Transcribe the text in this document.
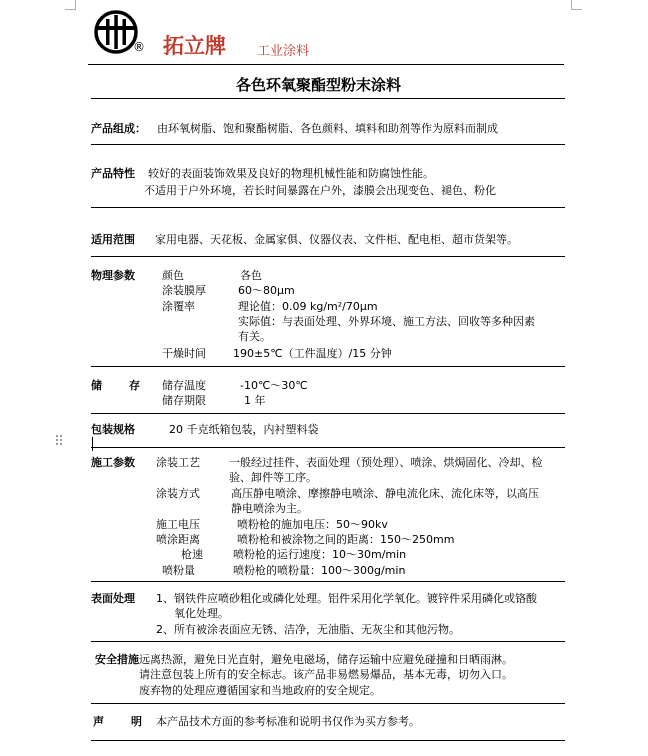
® 拓立牌 工业涂料
各色环氧聚酯型粉末涂料
产品组成： 由环氧树脂、饱和聚酯树脂、各色颜料、填料和助剂等作为原料而制成
产品特性 较好的表面装饰效果及良好的物理机械性能和防腐蚀性能。
不适用于户外环境，若长时间暴露在户外，漆膜会出现变色、褪色、粉化
适用范围 家用电器、天花板、金属家俱、仪器仪表、文件柜、配电柜、超市货架等。
物理参数 颜色	各色
涂装膜厚	60～80μm
涂覆率	理论值：0.09 kg/m²/70μm
实际值：与表面处理、外界环境、施工方法、回收等多种因素
有关。
干燥时间 190±5℃（工件温度）/15 分钟
储　存 储存温度	-10℃～30℃
储存期限	1 年
包装规格	20 千克纸箱包装，内衬塑料袋
⠿
施工参数 涂装工艺	一般经过挂件、表面处理（预处理）、喷涂、烘焗固化、冷却、检
验、卸件等工序。
涂装方式	高压静电喷涂、摩擦静电喷涂、静电流化床、流化床等，以高压
静电喷涂为主。
施工电压	喷粉枪的施加电压：50～90kv
喷涂距离	喷粉枪和被涂物之间的距离：150～250mm
枪速	喷粉枪的运行速度：10～30m/min
喷粉量	喷粉枪的喷粉量：100～300g/min
表面处理 1、钢铁件应喷砂粗化或磷化处理。铝件采用化学氧化。镀锌件采用磷化或铬酸
氧化处理。
2、所有被涂表面应无锈、洁净，无油脂、无灰尘和其他污物。
安全措施 远离热源，避免日光直射，避免电磁场，储存运输中应避免碰撞和日晒雨淋。
请注意包装上所有的安全标志。该产品非易燃易爆品，基本无毒，切勿入口。
废弃物的处理应遵循国家和当地政府的安全规定。
声　明 本产品技术方面的参考标准和说明书仅作为买方参考。
